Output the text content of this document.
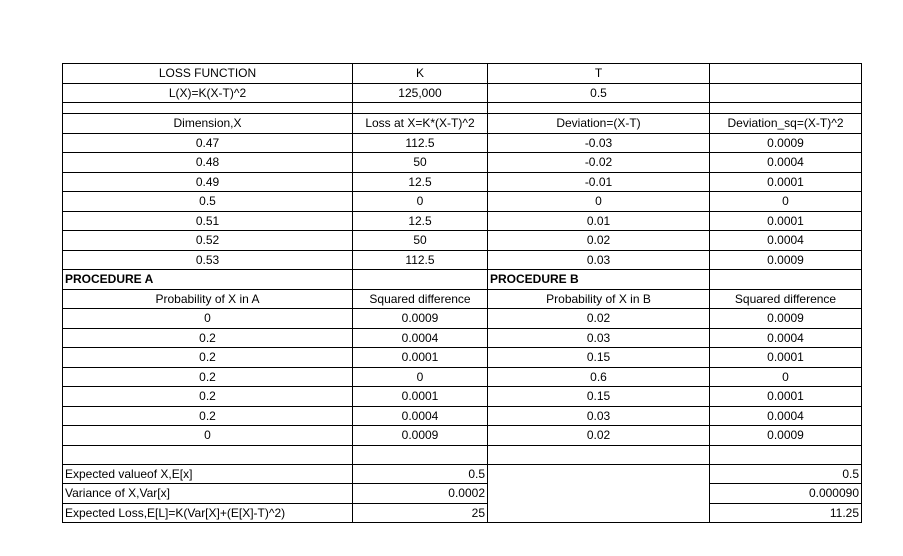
LOSS FUNCTION	K	T	
L(X)=K(X-T)^2	125,000	0.5	

Dimension,X	Loss at X=K*(X-T)^2	Deviation=(X-T)	Deviation_sq=(X-T)^2
0.47	112.5	-0.03	0.0009
0.48	50	-0.02	0.0004
0.49	12.5	-0.01	0.0001
0.5	0	0	0
0.51	12.5	0.01	0.0001
0.52	50	0.02	0.0004
0.53	112.5	0.03	0.0009
PROCEDURE A		PROCEDURE B	
Probability of X in A	Squared difference	Probability of X in B	Squared difference
0	0.0009	0.02	0.0009
0.2	0.0004	0.03	0.0004
0.2	0.0001	0.15	0.0001
0.2	0	0.6	0
0.2	0.0001	0.15	0.0001
0.2	0.0004	0.03	0.0004
0	0.0009	0.02	0.0009

Expected valueof X,E[x]	0.5		0.5
Variance of X,Var[x]	0.0002		0.000090
Expected Loss,E[L]=K(Var[X]+(E[X]-T)^2)	25		11.25
